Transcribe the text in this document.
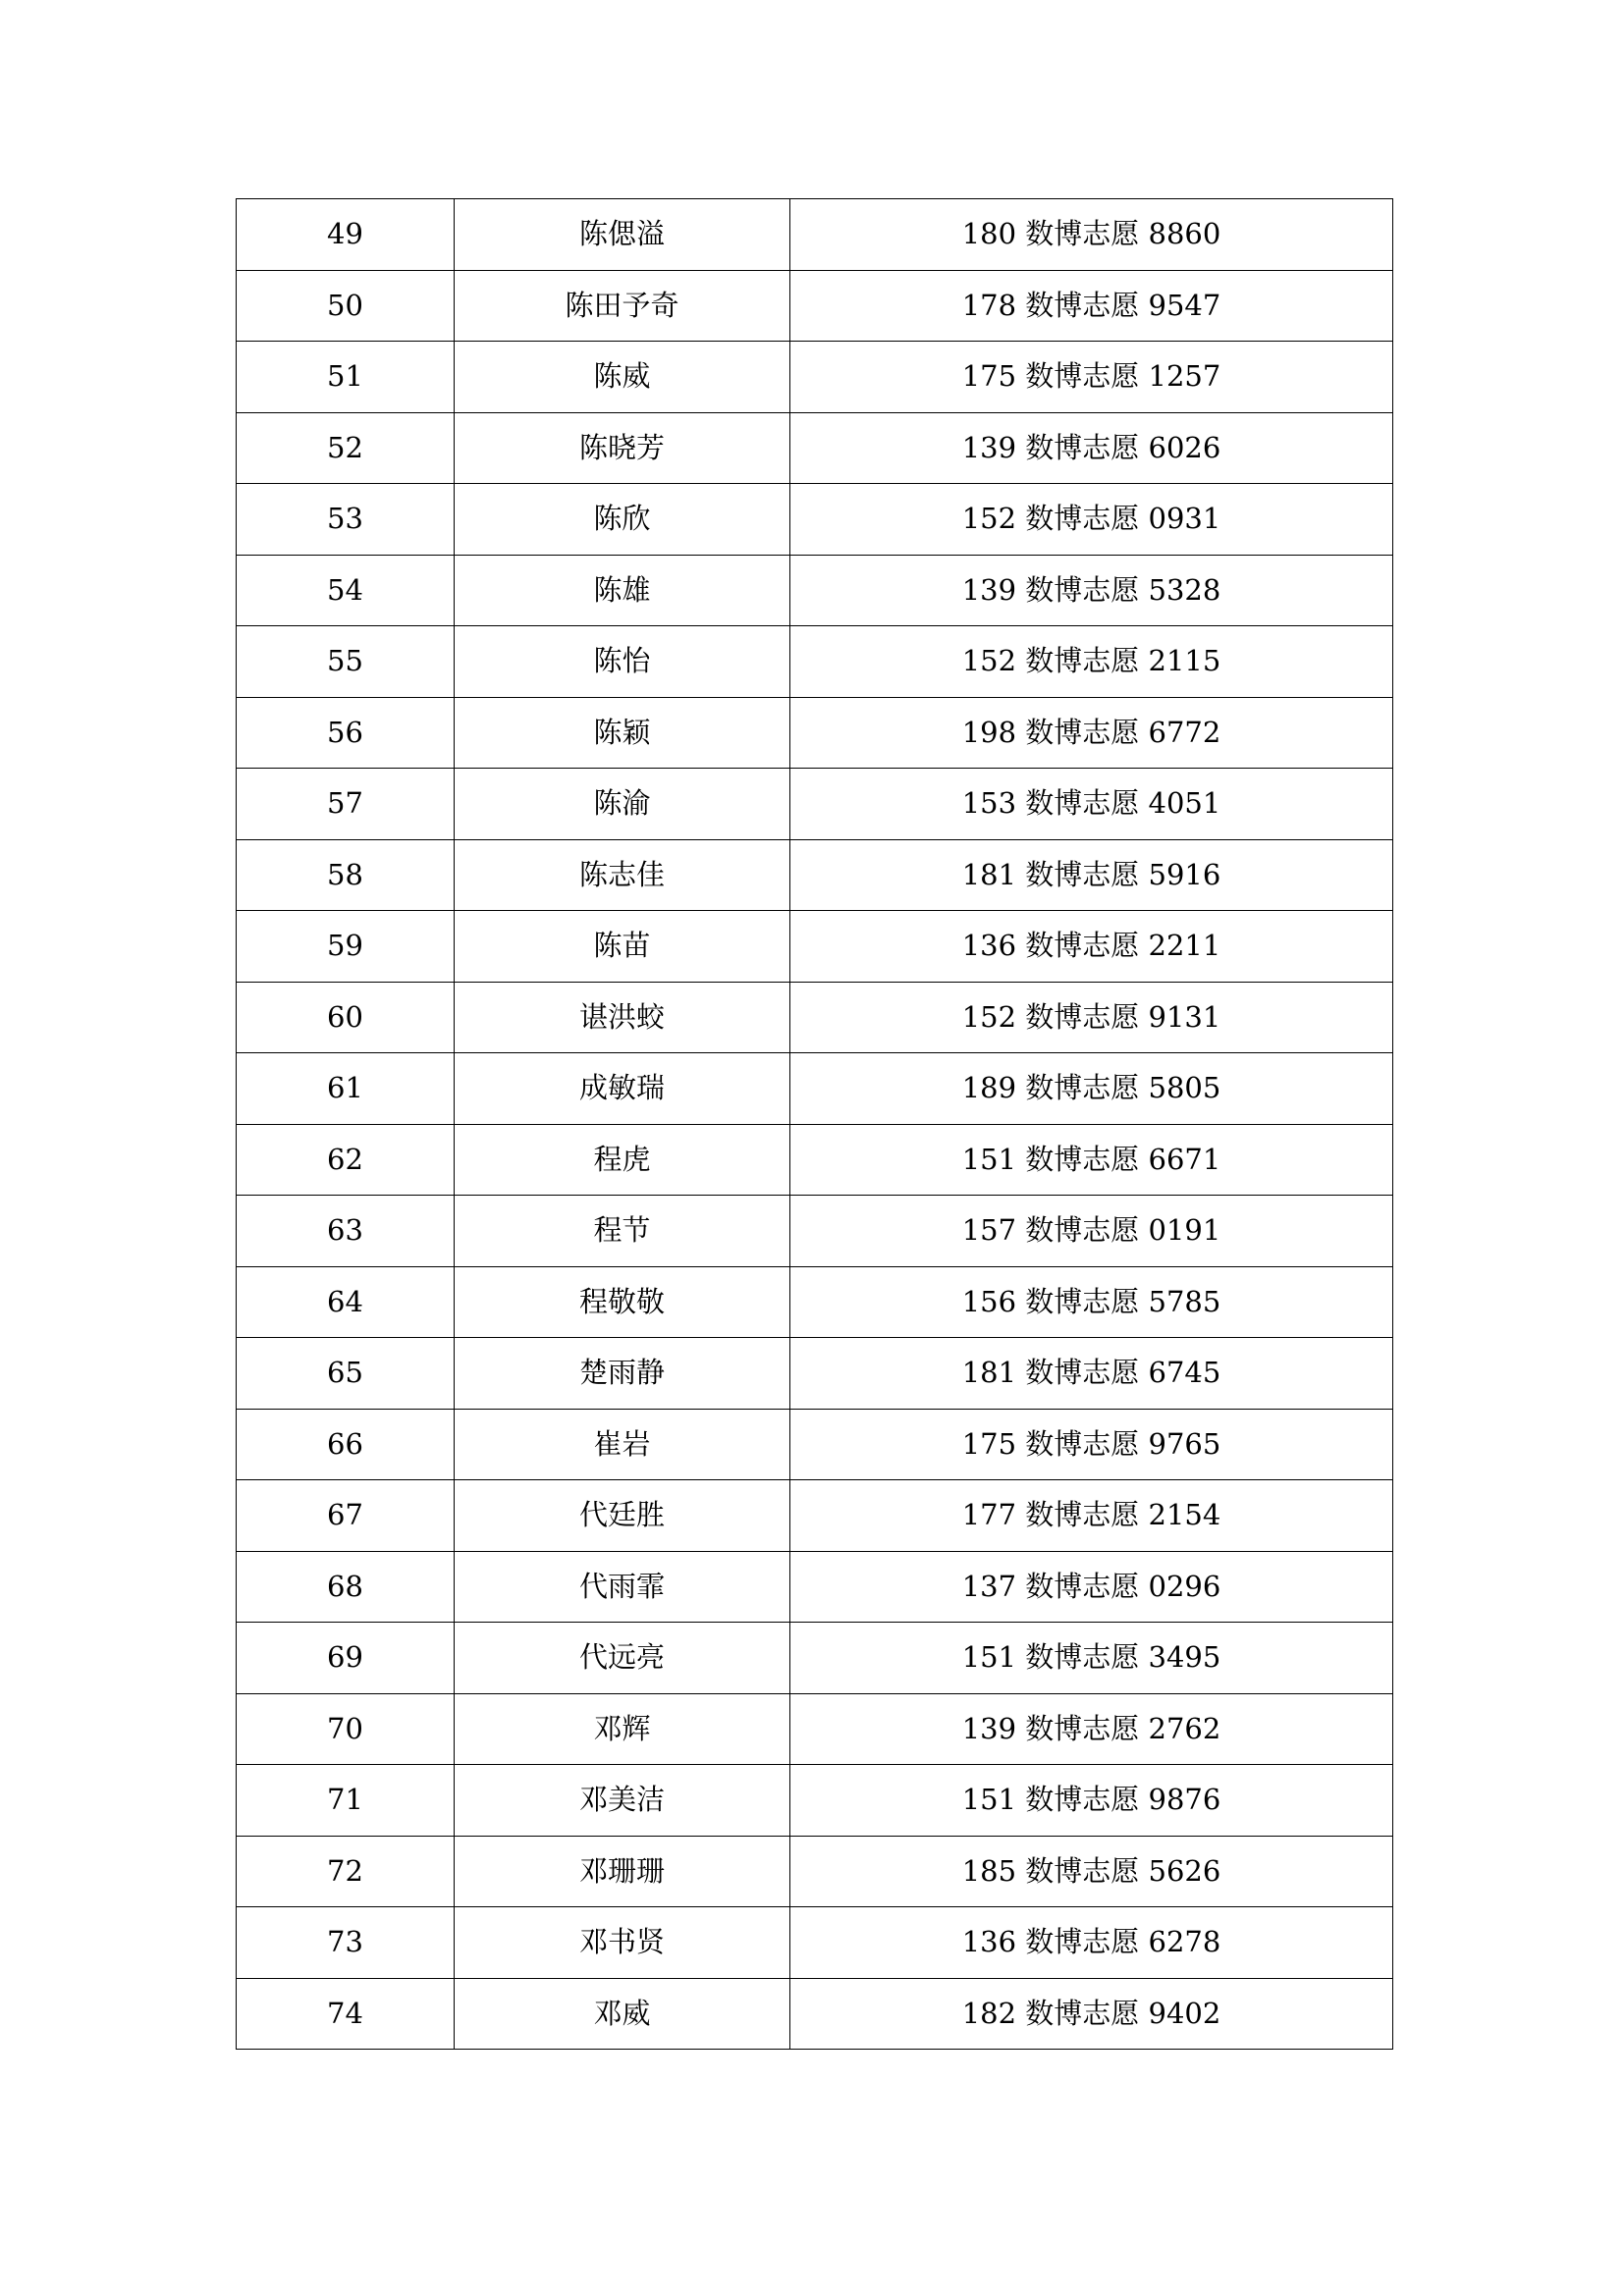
49	陈偲溢	180 数博志愿 8860
50	陈田予奇	178 数博志愿 9547
51	陈威	175 数博志愿 1257
52	陈晓芳	139 数博志愿 6026
53	陈欣	152 数博志愿 0931
54	陈雄	139 数博志愿 5328
55	陈怡	152 数博志愿 2115
56	陈颖	198 数博志愿 6772
57	陈渝	153 数博志愿 4051
58	陈志佳	181 数博志愿 5916
59	陈苗	136 数博志愿 2211
60	谌洪蛟	152 数博志愿 9131
61	成敏瑞	189 数博志愿 5805
62	程虎	151 数博志愿 6671
63	程节	157 数博志愿 0191
64	程敬敬	156 数博志愿 5785
65	楚雨静	181 数博志愿 6745
66	崔岩	175 数博志愿 9765
67	代廷胜	177 数博志愿 2154
68	代雨霏	137 数博志愿 0296
69	代远亮	151 数博志愿 3495
70	邓辉	139 数博志愿 2762
71	邓美洁	151 数博志愿 9876
72	邓珊珊	185 数博志愿 5626
73	邓书贤	136 数博志愿 6278
74	邓威	182 数博志愿 9402
